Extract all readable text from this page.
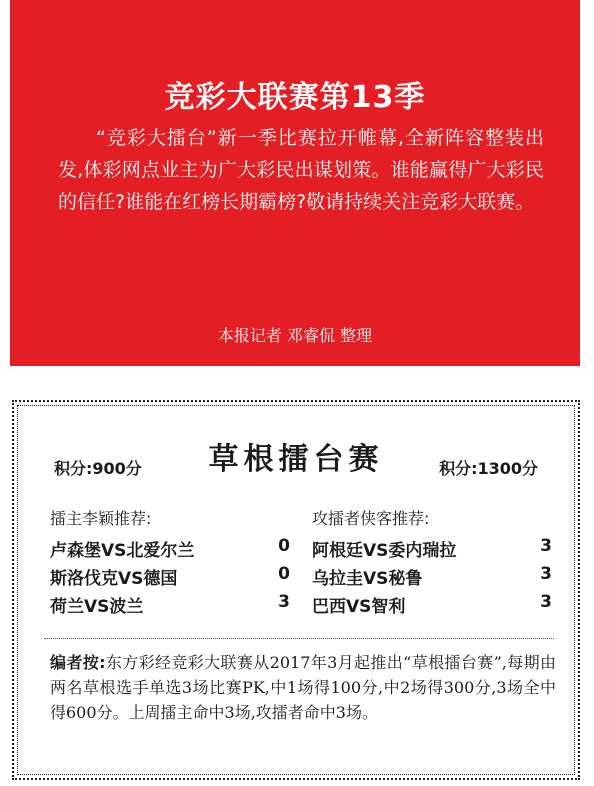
竞彩大联赛第13季
“竞彩大擂台”新一季比赛拉开帷幕,全新阵容整装出发,体彩网点业主为广大彩民出谋划策。谁能赢得广大彩民的信任?谁能在红榜长期霸榜?敬请持续关注竞彩大联赛。
本报记者 邓睿侃 整理
草根擂台赛
积分:900分	积分:1300分
擂主李颖推荐:	攻擂者侠客推荐:
卢森堡VS北爱尔兰	0
斯洛伐克VS德国	0
荷兰VS波兰	3
阿根廷VS委内瑞拉	3
乌拉圭VS秘鲁	3
巴西VS智利	3
编者按:东方彩经竞彩大联赛从2017年3月起推出“草根擂台赛”,每期由两名草根选手单选3场比赛PK,中1场得100分,中2场得300分,3场全中得600分。上周擂主命中3场,攻擂者命中3场。
